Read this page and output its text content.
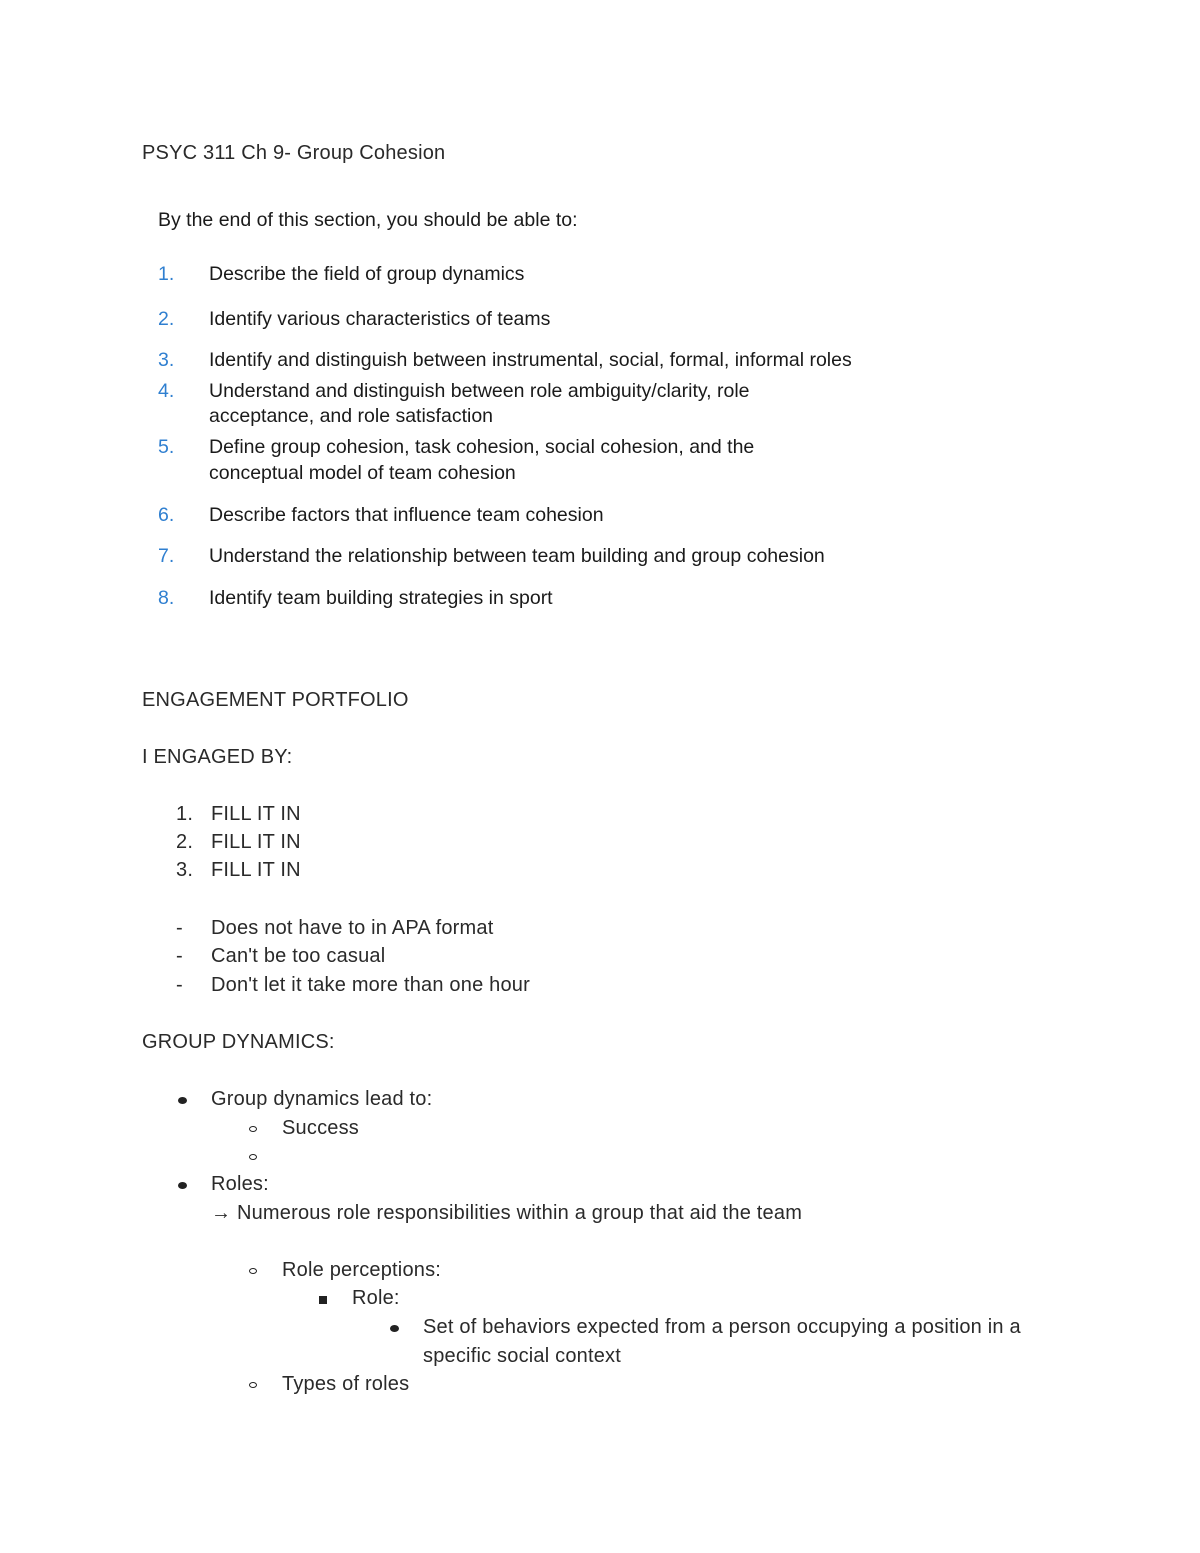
PSYC 311 Ch 9- Group Cohesion
By the end of this section, you should be able to:
1. Describe the field of group dynamics
2. Identify various characteristics of teams
3. Identify and distinguish between instrumental, social, formal, informal roles
4. Understand and distinguish between role ambiguity/clarity, role
acceptance, and role satisfaction
5. Define group cohesion, task cohesion, social cohesion, and the
conceptual model of team cohesion
6. Describe factors that influence team cohesion
7. Understand the relationship between team building and group cohesion
8. Identify team building strategies in sport
ENGAGEMENT PORTFOLIO
I ENGAGED BY:
1. FILL IT IN
2. FILL IT IN
3. FILL IT IN
- Does not have to in APA format
- Can't be too casual
- Don't let it take more than one hour
GROUP DYNAMICS:
Group dynamics lead to:
Success
Roles:
→ Numerous role responsibilities within a group that aid the team
Role perceptions:
Role:
Set of behaviors expected from a person occupying a position in a
specific social context
Types of roles
